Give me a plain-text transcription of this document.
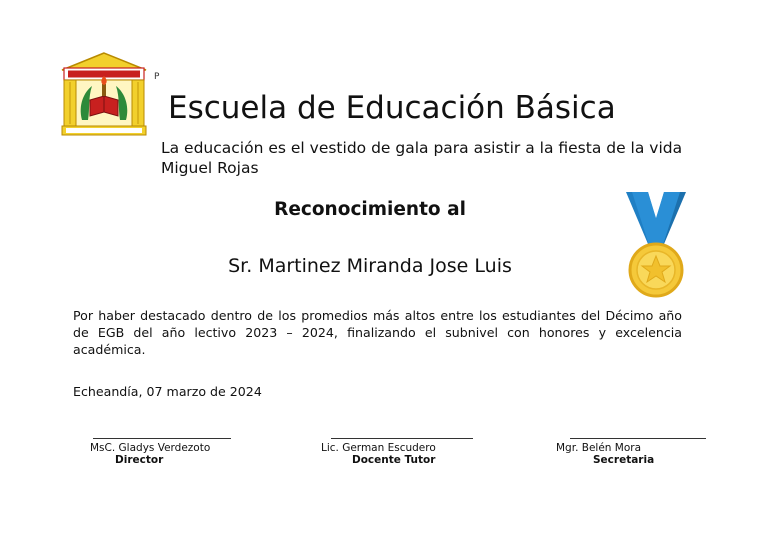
P
Escuela de Educación Básica

La educación es el vestido de gala para asistir a la fiesta de la vida Miguel Rojas

Reconocimiento al

Sr. Martinez Miranda Jose Luis

Por haber destacado dentro de los promedios más altos entre los estudiantes del Décimo año de EGB del año lectivo 2023 – 2024, finalizando el subnivel con honores y excelencia académica.

Echeandía, 07 marzo de 2024

MsC. Gladys Verdezoto
Director
Lic. German Escudero
Docente Tutor
Mgr. Belén Mora
Secretaria
